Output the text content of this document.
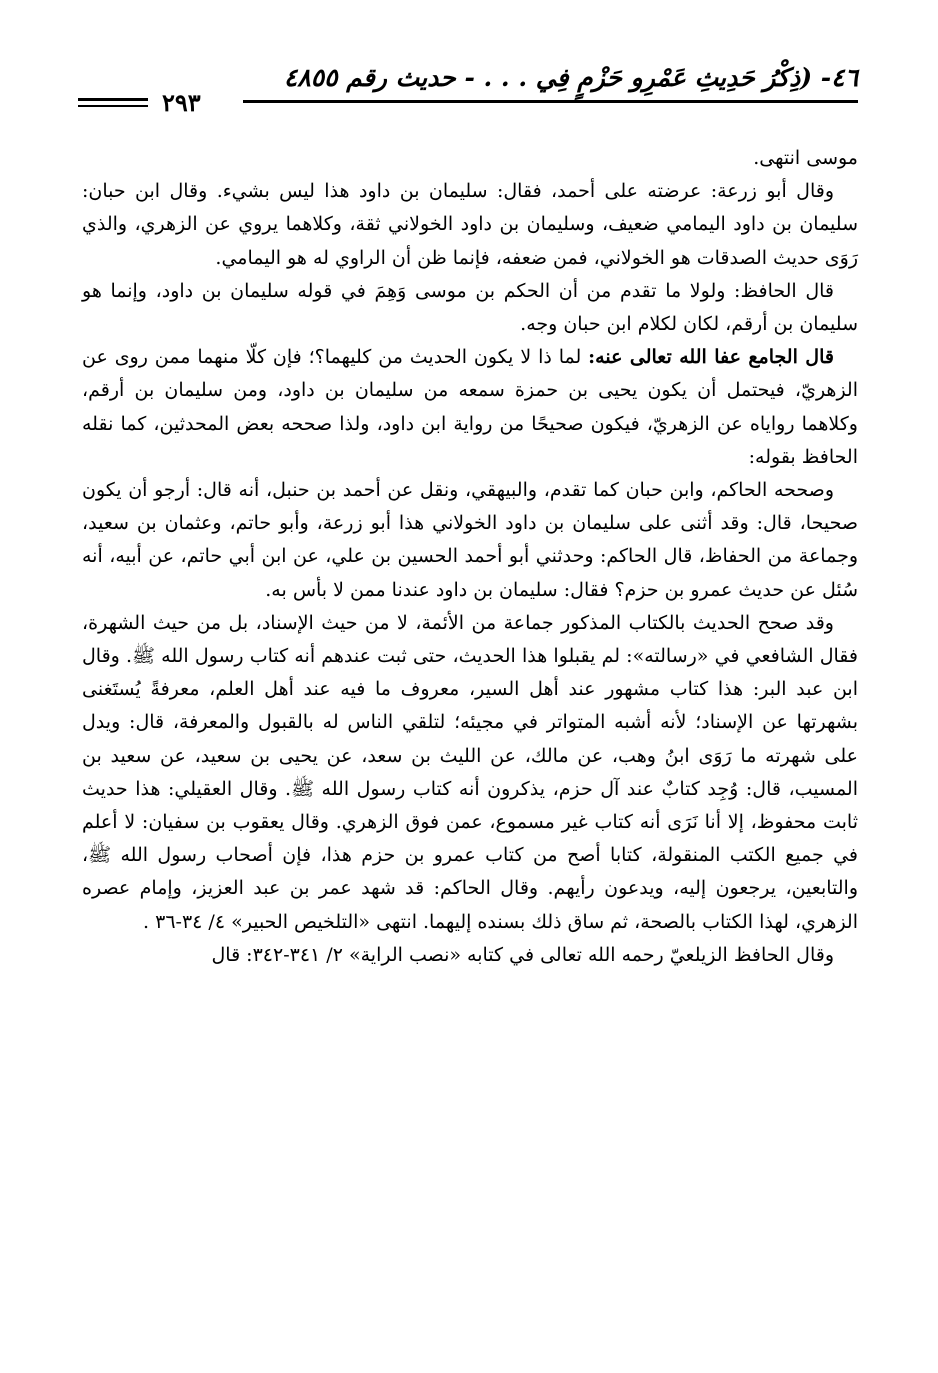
٤٦- (ذِكْرُ حَدِيثِ عَمْرِو حَزْمٍ فِي . . . - حديث رقم ٤٨٥٥
٢٩٣

موسى انتهى.

وقال أبو زرعة: عرضته على أحمد، فقال: سليمان بن داود هذا ليس بشيء. وقال ابن حبان: سليمان بن داود اليمامي ضعيف، وسليمان بن داود الخولاني ثقة، وكلاهما يروي عن الزهري، والذي رَوَى حديث الصدقات هو الخولاني، فمن ضعفه، فإنما ظن أن الراوي له هو اليمامي.

قال الحافظ: ولولا ما تقدم من أن الحكم بن موسى وَهِمَ في قوله سليمان بن داود، وإنما هو سليمان بن أرقم، لكان لكلام ابن حبان وجه.

قال الجامع عفا الله تعالى عنه: لما ذا لا يكون الحديث من كليهما؟؛ فإن كلّا منهما ممن روى عن الزهريّ، فيحتمل أن يكون يحيى بن حمزة سمعه من سليمان بن داود، ومن سليمان بن أرقم، وكلاهما رواياه عن الزهريّ، فيكون صحيحًا من رواية ابن داود، ولذا صححه بعض المحدثين، كما نقله الحافظ بقوله:

وصححه الحاكم، وابن حبان كما تقدم، والبيهقي، ونقل عن أحمد بن حنبل، أنه قال: أرجو أن يكون صحيحا، قال: وقد أثنى على سليمان بن داود الخولاني هذا أبو زرعة، وأبو حاتم، وعثمان بن سعيد، وجماعة من الحفاظ، قال الحاكم: وحدثني أبو أحمد الحسين بن علي، عن ابن أبي حاتم، عن أبيه، أنه سُئل عن حديث عمرو بن حزم؟ فقال: سليمان بن داود عندنا ممن لا بأس به.

وقد صحح الحديث بالكتاب المذكور جماعة من الأئمة، لا من حيث الإسناد، بل من حيث الشهرة، فقال الشافعي في «رسالته»: لم يقبلوا هذا الحديث، حتى ثبت عندهم أنه كتاب رسول الله ﷺ. وقال ابن عبد البر: هذا كتاب مشهور عند أهل السير، معروف ما فيه عند أهل العلم، معرفةً يُستَغنى بشهرتها عن الإسناد؛ لأنه أشبه المتواتر في مجيئه؛ لتلقي الناس له بالقبول والمعرفة، قال: ويدل على شهرته ما رَوَى ابنُ وهب، عن مالك، عن الليث بن سعد، عن يحيى بن سعيد، عن سعيد بن المسيب، قال: وُجِد كتابٌ عند آل حزم، يذكرون أنه كتاب رسول الله ﷺ. وقال العقيلي: هذا حديث ثابت محفوظ، إلا أنا نَرَى أنه كتاب غير مسموع، عمن فوق الزهري. وقال يعقوب بن سفيان: لا أعلم في جميع الكتب المنقولة، كتابا أصح من كتاب عمرو بن حزم هذا، فإن أصحاب رسول الله ﷺ، والتابعين، يرجعون إليه، ويدعون رأيهم. وقال الحاكم: قد شهد عمر بن عبد العزيز، وإمام عصره الزهري، لهذا الكتاب بالصحة، ثم ساق ذلك بسنده إليهما. انتهى «التلخيص الحبير» ٤/ ٣٤-٣٦ .

وقال الحافظ الزيلعيّ رحمه الله تعالى في كتابه «نصب الراية» ٢/ ٣٤١-٣٤٢: قال
